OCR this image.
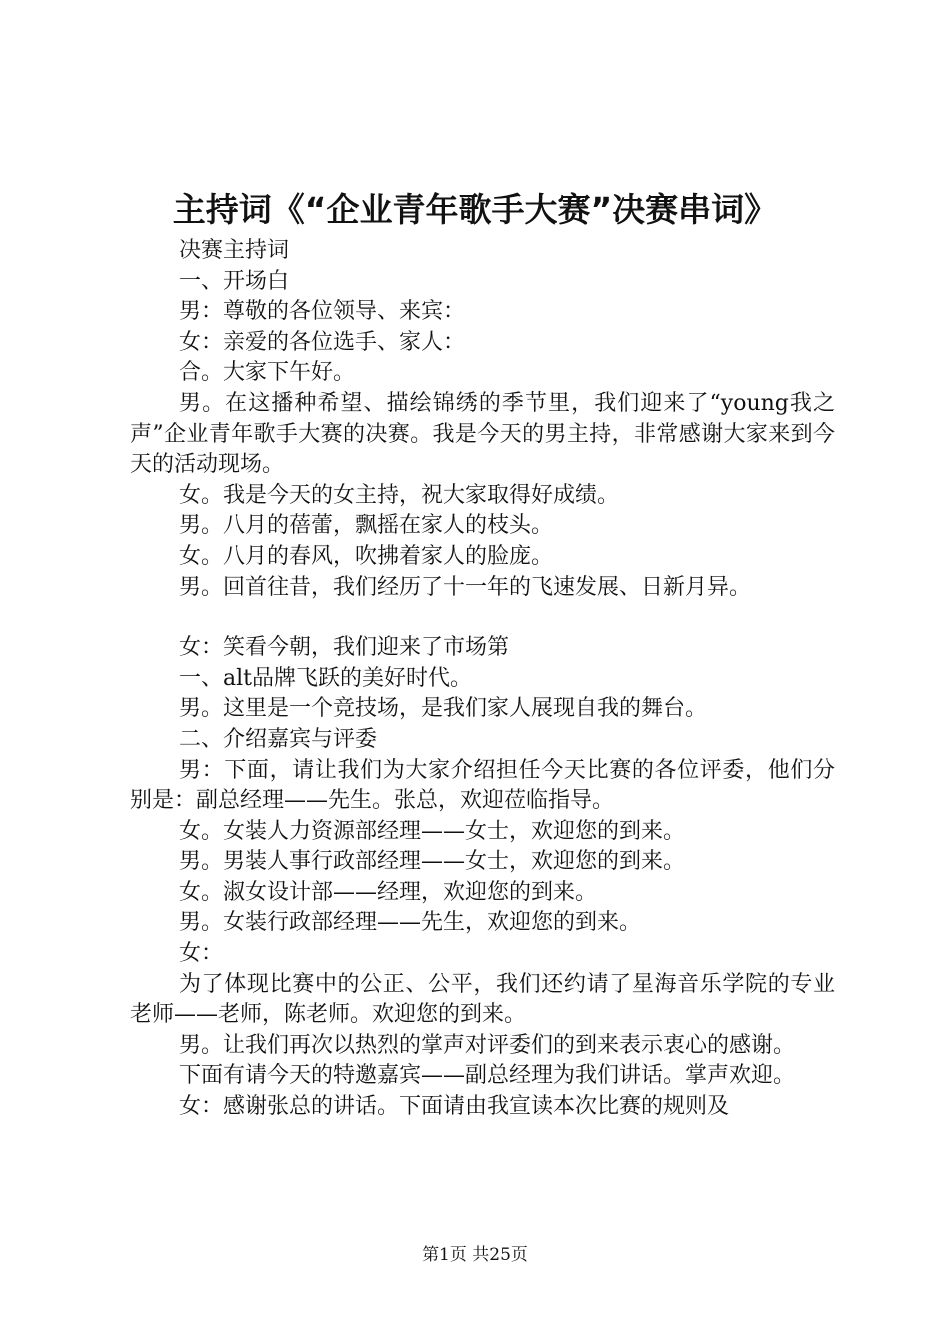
主持词《“企业青年歌手大赛”决赛串词》

决赛主持词

一、开场白

男：尊敬的各位领导、来宾：

女：亲爱的各位选手、家人：

合。大家下午好。

男。在这播种希望、描绘锦绣的季节里，我们迎来了“young我之声”企业青年歌手大赛的决赛。我是今天的男主持，非常感谢大家来到今天的活动现场。

女。我是今天的女主持，祝大家取得好成绩。

男。八月的蓓蕾，飘摇在家人的枝头。

女。八月的春风，吹拂着家人的脸庞。

男。回首往昔，我们经历了十一年的飞速发展、日新月异。

女：笑看今朝，我们迎来了市场第

一、alt品牌飞跃的美好时代。

男。这里是一个竞技场，是我们家人展现自我的舞台。

二、介绍嘉宾与评委

男：下面，请让我们为大家介绍担任今天比赛的各位评委，他们分别是：副总经理——先生。张总，欢迎莅临指导。

女。女装人力资源部经理——女士，欢迎您的到来。

男。男装人事行政部经理——女士，欢迎您的到来。

女。淑女设计部——经理，欢迎您的到来。

男。女装行政部经理——先生，欢迎您的到来。

女：

为了体现比赛中的公正、公平，我们还约请了星海音乐学院的专业老师——老师，陈老师。欢迎您的到来。

男。让我们再次以热烈的掌声对评委们的到来表示衷心的感谢。

下面有请今天的特邀嘉宾——副总经理为我们讲话。掌声欢迎。

女：感谢张总的讲话。下面请由我宣读本次比赛的规则及

第1页 共25页
